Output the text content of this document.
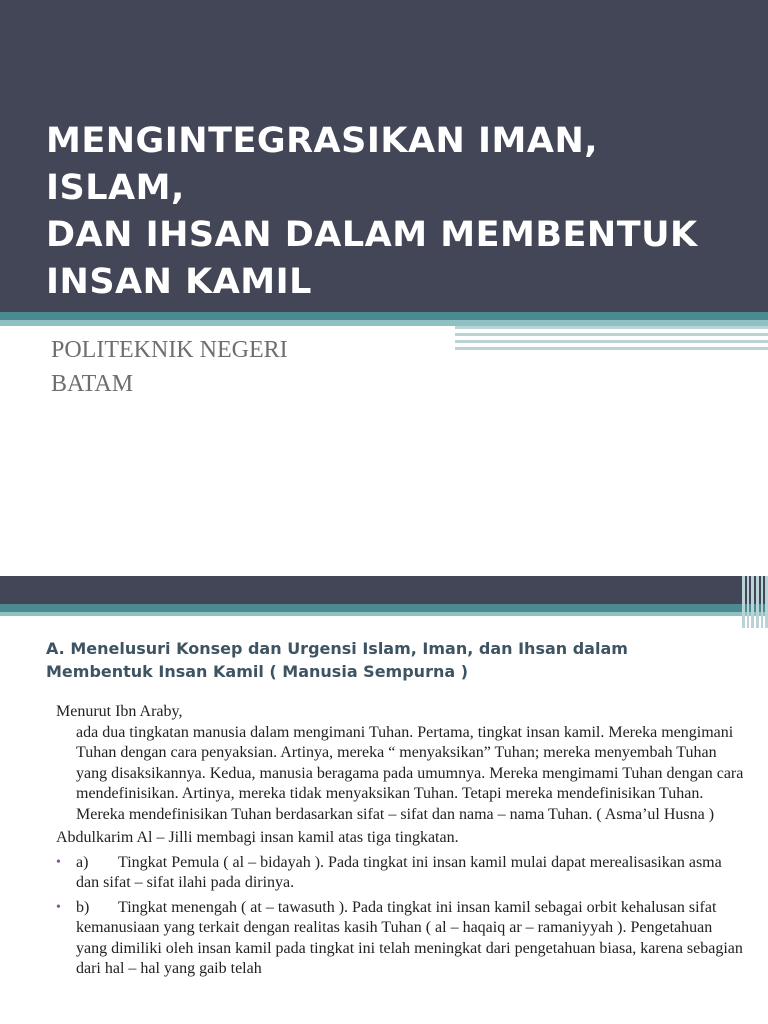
MENGINTEGRASIKAN IMAN, ISLAM,
DAN IHSAN DALAM MEMBENTUK
INSAN KAMIL

POLITEKNIK NEGERI
BATAM

A. Menelusuri Konsep dan Urgensi Islam, Iman, dan Ihsan dalam
Membentuk Insan Kamil ( Manusia Sempurna )

Menurut Ibn Araby,

ada dua tingkatan manusia dalam mengimani Tuhan. Pertama, tingkat insan kamil. Mereka mengimani Tuhan dengan cara penyaksian. Artinya, mereka “ menyaksikan” Tuhan; mereka menyembah Tuhan yang disaksikannya. Kedua, manusia beragama pada umumnya. Mereka mengimami Tuhan dengan cara mendefinisikan. Artinya, mereka tidak menyaksikan Tuhan. Tetapi mereka mendefinisikan Tuhan. Mereka mendefinisikan Tuhan berdasarkan sifat – sifat dan nama – nama Tuhan. ( Asma’ul Husna )

Abdulkarim Al – Jilli membagi insan kamil atas tiga tingkatan.

• a) Tingkat Pemula ( al – bidayah ). Pada tingkat ini insan kamil mulai dapat merealisasikan asma dan sifat – sifat ilahi pada dirinya.

• b) Tingkat menengah ( at – tawasuth ). Pada tingkat ini insan kamil sebagai orbit kehalusan sifat kemanusiaan yang terkait dengan realitas kasih Tuhan ( al – haqaiq ar – ramaniyyah ). Pengetahuan yang dimiliki oleh insan kamil pada tingkat ini telah meningkat dari pengetahuan biasa, karena sebagian dari hal – hal yang gaib telah
